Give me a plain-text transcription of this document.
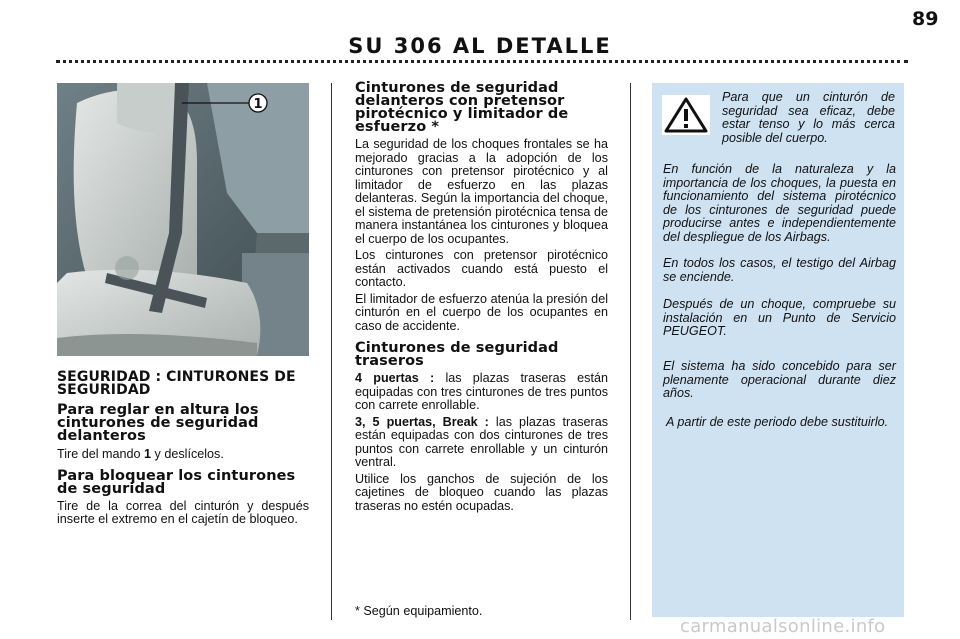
89
SU 306 AL DETALLE
1
SEGURIDAD : CINTURONES DE SEGURIDAD
Para reglar en altura los cinturones de seguridad delanteros

Tire del mando 1 y deslícelos.

Para bloquear los cinturones de seguridad

Tire de la correa del cinturón y después inserte el extremo en el cajetín de bloqueo.

Cinturones de seguridad delanteros con pretensor pirotécnico y limitador de esfuerzo *

La seguridad de los choques frontales se ha mejorado gracias a la adopción de los cinturones con pretensor pirotécnico y al limitador de esfuerzo en las plazas delanteras. Según la importancia del choque, el sistema de pretensión pirotécnica tensa de manera instantánea los cinturones y bloquea el cuerpo de los ocupantes.

Los cinturones con pretensor pirotécnico están activados cuando está puesto el contacto.

El limitador de esfuerzo atenúa la presión del cinturón en el cuerpo de los ocupantes en caso de accidente.

Cinturones de seguridad traseros

4 puertas : las plazas traseras están equipadas con tres cinturones de tres puntos con carrete enrollable.

3, 5 puertas, Break : las plazas traseras están equipadas con dos cinturones de tres puntos con carrete enrollable y un cinturón ventral.

Utilice los ganchos de sujeción de los cajetines de bloqueo cuando las plazas traseras no estén ocupadas.

* Según equipamiento.
Para que un cinturón de seguridad sea eficaz, debe estar tenso y lo más cerca posible del cuerpo.
En función de la naturaleza y la importancia de los choques, la puesta en funcionamiento del sistema pirotécnico de los cinturones de seguridad puede producirse antes e independientemente del despliegue de los Airbags.
En todos los casos, el testigo del Airbag se enciende.
Después de un choque, compruebe su instalación en un Punto de Servicio PEUGEOT.
El sistema ha sido concebido para ser plenamente operacional durante diez años.
A partir de este periodo debe sustituirlo.
carmanualsonline.info
